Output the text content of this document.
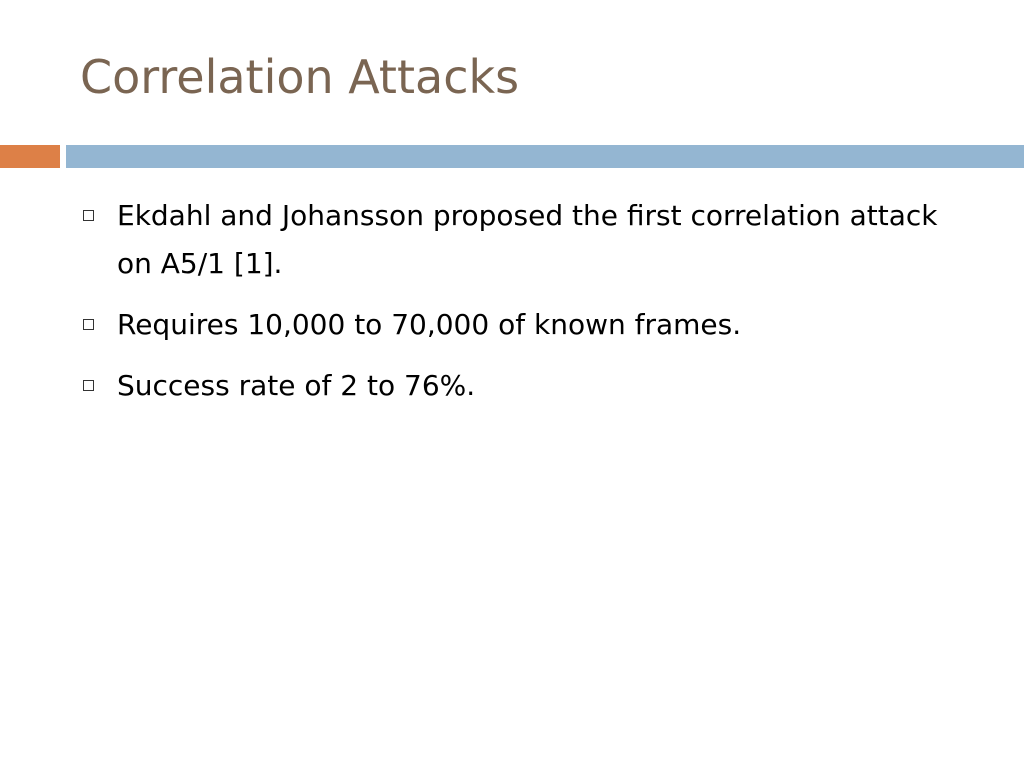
Correlation Attacks
Ekdahl and Johansson proposed the first correlation attack on A5/1 [1].
Requires 10,000 to 70,000 of known frames.
Success rate of 2 to 76%.
